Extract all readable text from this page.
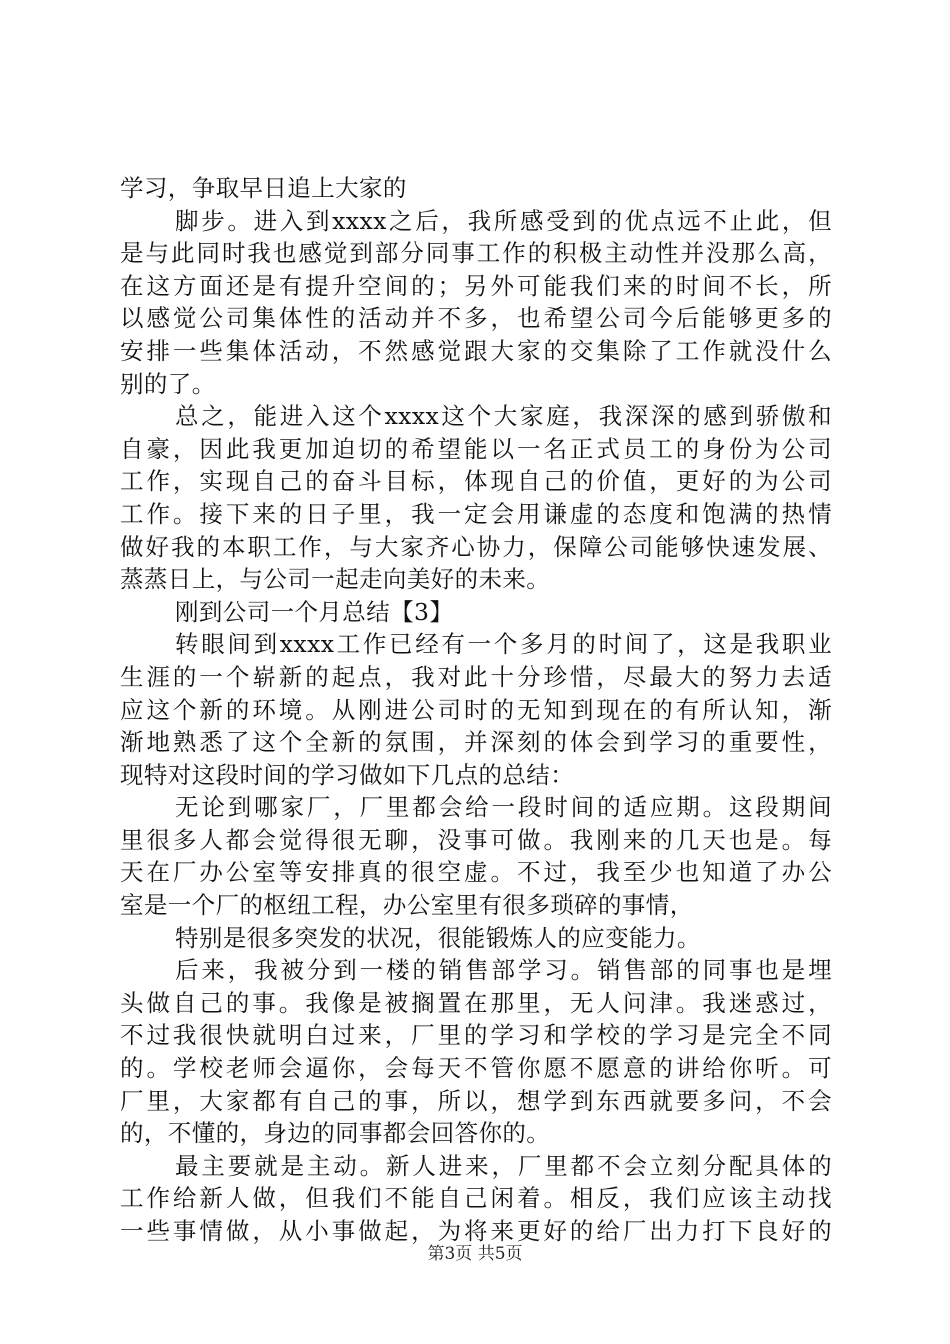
学习，争取早日追上大家的
脚步。进入到xxxx之后，我所感受到的优点远不止此，但
是与此同时我也感觉到部分同事工作的积极主动性并没那么高，
在这方面还是有提升空间的；另外可能我们来的时间不长，所
以感觉公司集体性的活动并不多，也希望公司今后能够更多的
安排一些集体活动，不然感觉跟大家的交集除了工作就没什么
别的了。
总之，能进入这个xxxx这个大家庭，我深深的感到骄傲和
自豪，因此我更加迫切的希望能以一名正式员工的身份为公司
工作，实现自己的奋斗目标，体现自己的价值，更好的为公司
工作。接下来的日子里，我一定会用谦虚的态度和饱满的热情
做好我的本职工作，与大家齐心协力，保障公司能够快速发展、
蒸蒸日上，与公司一起走向美好的未来。
刚到公司一个月总结【3】
转眼间到xxxx工作已经有一个多月的时间了，这是我职业
生涯的一个崭新的起点，我对此十分珍惜，尽最大的努力去适
应这个新的环境。从刚进公司时的无知到现在的有所认知，渐
渐地熟悉了这个全新的氛围，并深刻的体会到学习的重要性，
现特对这段时间的学习做如下几点的总结：
无论到哪家厂，厂里都会给一段时间的适应期。这段期间
里很多人都会觉得很无聊，没事可做。我刚来的几天也是。每
天在厂办公室等安排真的很空虚。不过，我至少也知道了办公
室是一个厂的枢纽工程，办公室里有很多琐碎的事情，
特别是很多突发的状况，很能锻炼人的应变能力。
后来，我被分到一楼的销售部学习。销售部的同事也是埋
头做自己的事。我像是被搁置在那里，无人问津。我迷惑过，
不过我很快就明白过来，厂里的学习和学校的学习是完全不同
的。学校老师会逼你，会每天不管你愿不愿意的讲给你听。可
厂里，大家都有自己的事，所以，想学到东西就要多问，不会
的，不懂的，身边的同事都会回答你的。
最主要就是主动。新人进来，厂里都不会立刻分配具体的
工作给新人做，但我们不能自己闲着。相反，我们应该主动找
一些事情做，从小事做起，为将来更好的给厂出力打下良好的
第3页 共5页
